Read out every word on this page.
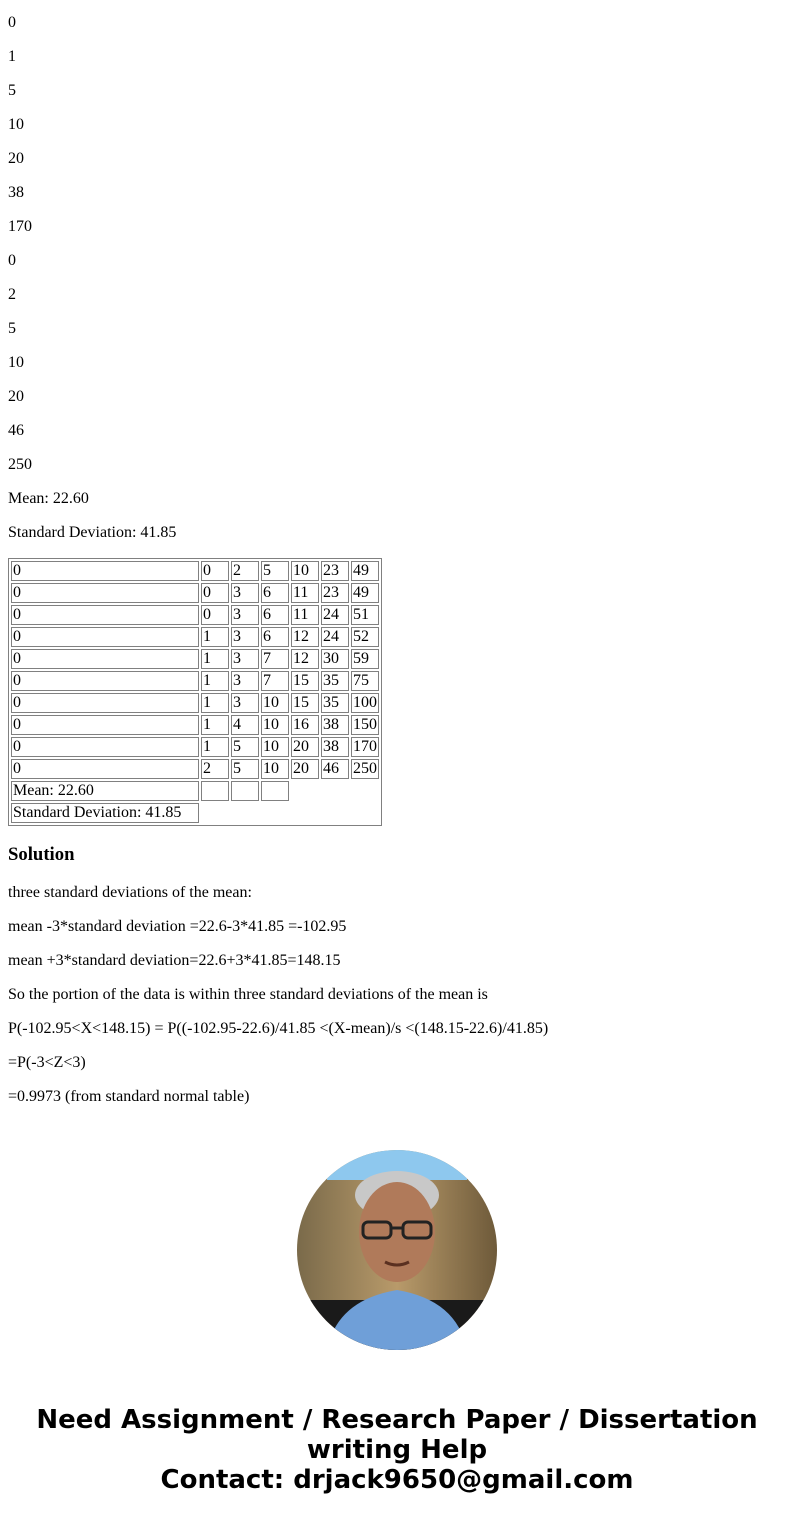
0

1

5

10

20

38

170

0

2

5

10

20

46

250

Mean: 22.60

Standard Deviation: 41.85

0	0	2	5	10	23	49
0	0	3	6	11	23	49
0	0	3	6	11	24	51
0	1	3	6	12	24	52
0	1	3	7	12	30	59
0	1	3	7	15	35	75
0	1	3	10	15	35	100
0	1	4	10	16	38	150
0	1	5	10	20	38	170
0	2	5	10	20	46	250
Mean: 22.60						
Standard Deviation: 41.85						
Solution

three standard deviations of the mean:

mean -3*standard deviation =22.6-3*41.85 =-102.95

mean +3*standard deviation=22.6+3*41.85=148.15

So the portion of the data is within three standard deviations of the mean is

P(-102.95<X<148.15) = P((-102.95-22.6)/41.85 <(X-mean)/s <(148.15-22.6)/41.85)

=P(-3<Z<3)

=0.9973 (from standard normal table)

Need Assignment / Research Paper / Dissertation writing Help
Contact: drjack9650@gmail.com
